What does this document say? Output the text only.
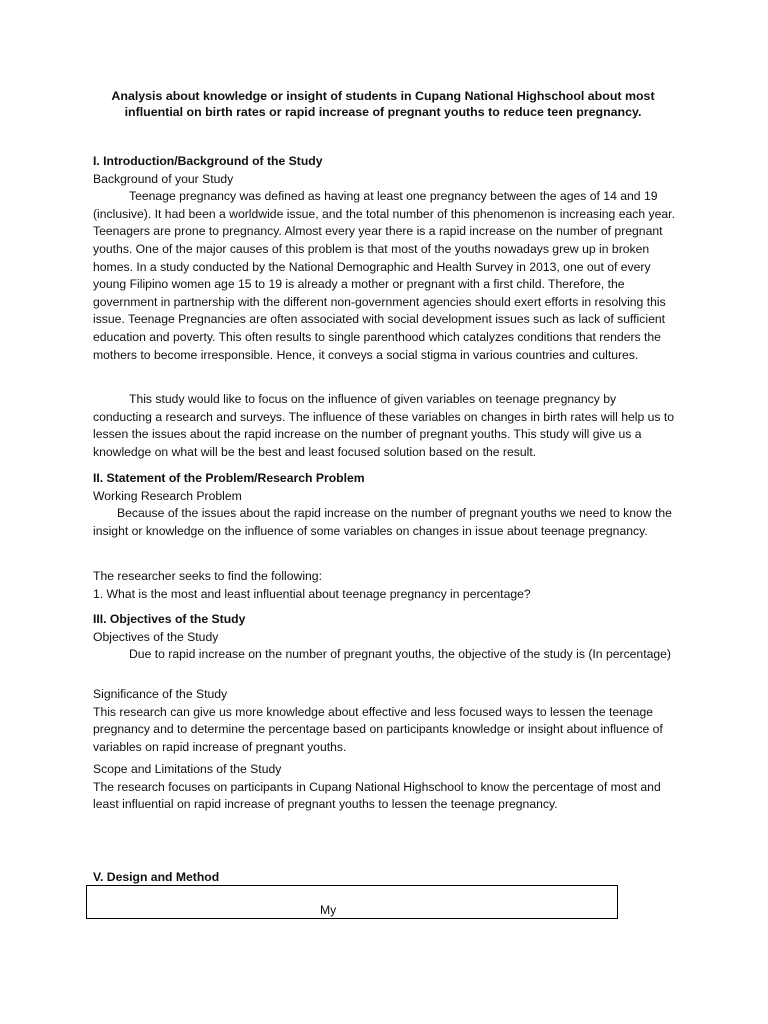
Analysis about knowledge or insight of students in Cupang National Highschool about most influential on birth rates or rapid increase of pregnant youths to reduce teen pregnancy.

I. Introduction/Background of the Study

Background of your Study

Teenage pregnancy was defined as having at least one pregnancy between the ages of 14 and 19 (inclusive). It had been a worldwide issue, and the total number of this phenomenon is increasing each year. Teenagers are prone to pregnancy. Almost every year there is a rapid increase on the number of pregnant youths. One of the major causes of this problem is that most of the youths nowadays grew up in broken homes. In a study conducted by the National Demographic and Health Survey in 2013, one out of every young Filipino women age 15 to 19 is already a mother or pregnant with a first child. Therefore, the government in partnership with the different non-government agencies should exert efforts in resolving this issue. Teenage Pregnancies are often associated with social development issues such as lack of sufficient education and poverty. This often results to single parenthood which catalyzes conditions that renders the mothers to become irresponsible. Hence, it conveys a social stigma in various countries and cultures.

This study would like to focus on the influence of given variables on teenage pregnancy by conducting a research and surveys. The influence of these variables on changes in birth rates will help us to lessen the issues about the rapid increase on the number of pregnant youths. This study will give us a knowledge on what will be the best and least focused solution based on the result.

II. Statement of the Problem/Research Problem

Working Research Problem

Because of the issues about the rapid increase on the number of pregnant youths we need to know the insight or knowledge on the influence of some variables on changes in issue about teenage pregnancy.

The researcher seeks to find the following:

1. What is the most and least influential about teenage pregnancy in percentage?

III. Objectives of the Study

Objectives of the Study

Due to rapid increase on the number of pregnant youths, the objective of the study is (In percentage)

Significance of the Study

This research can give us more knowledge about effective and less focused ways to lessen the teenage pregnancy and to determine the percentage based on participants knowledge or insight about influence of variables on rapid increase of pregnant youths.

Scope and Limitations of the Study

The research focuses on participants in Cupang National Highschool to know the percentage of most and least influential on rapid increase of pregnant youths to lessen the teenage pregnancy.

V. Design and Method

My
